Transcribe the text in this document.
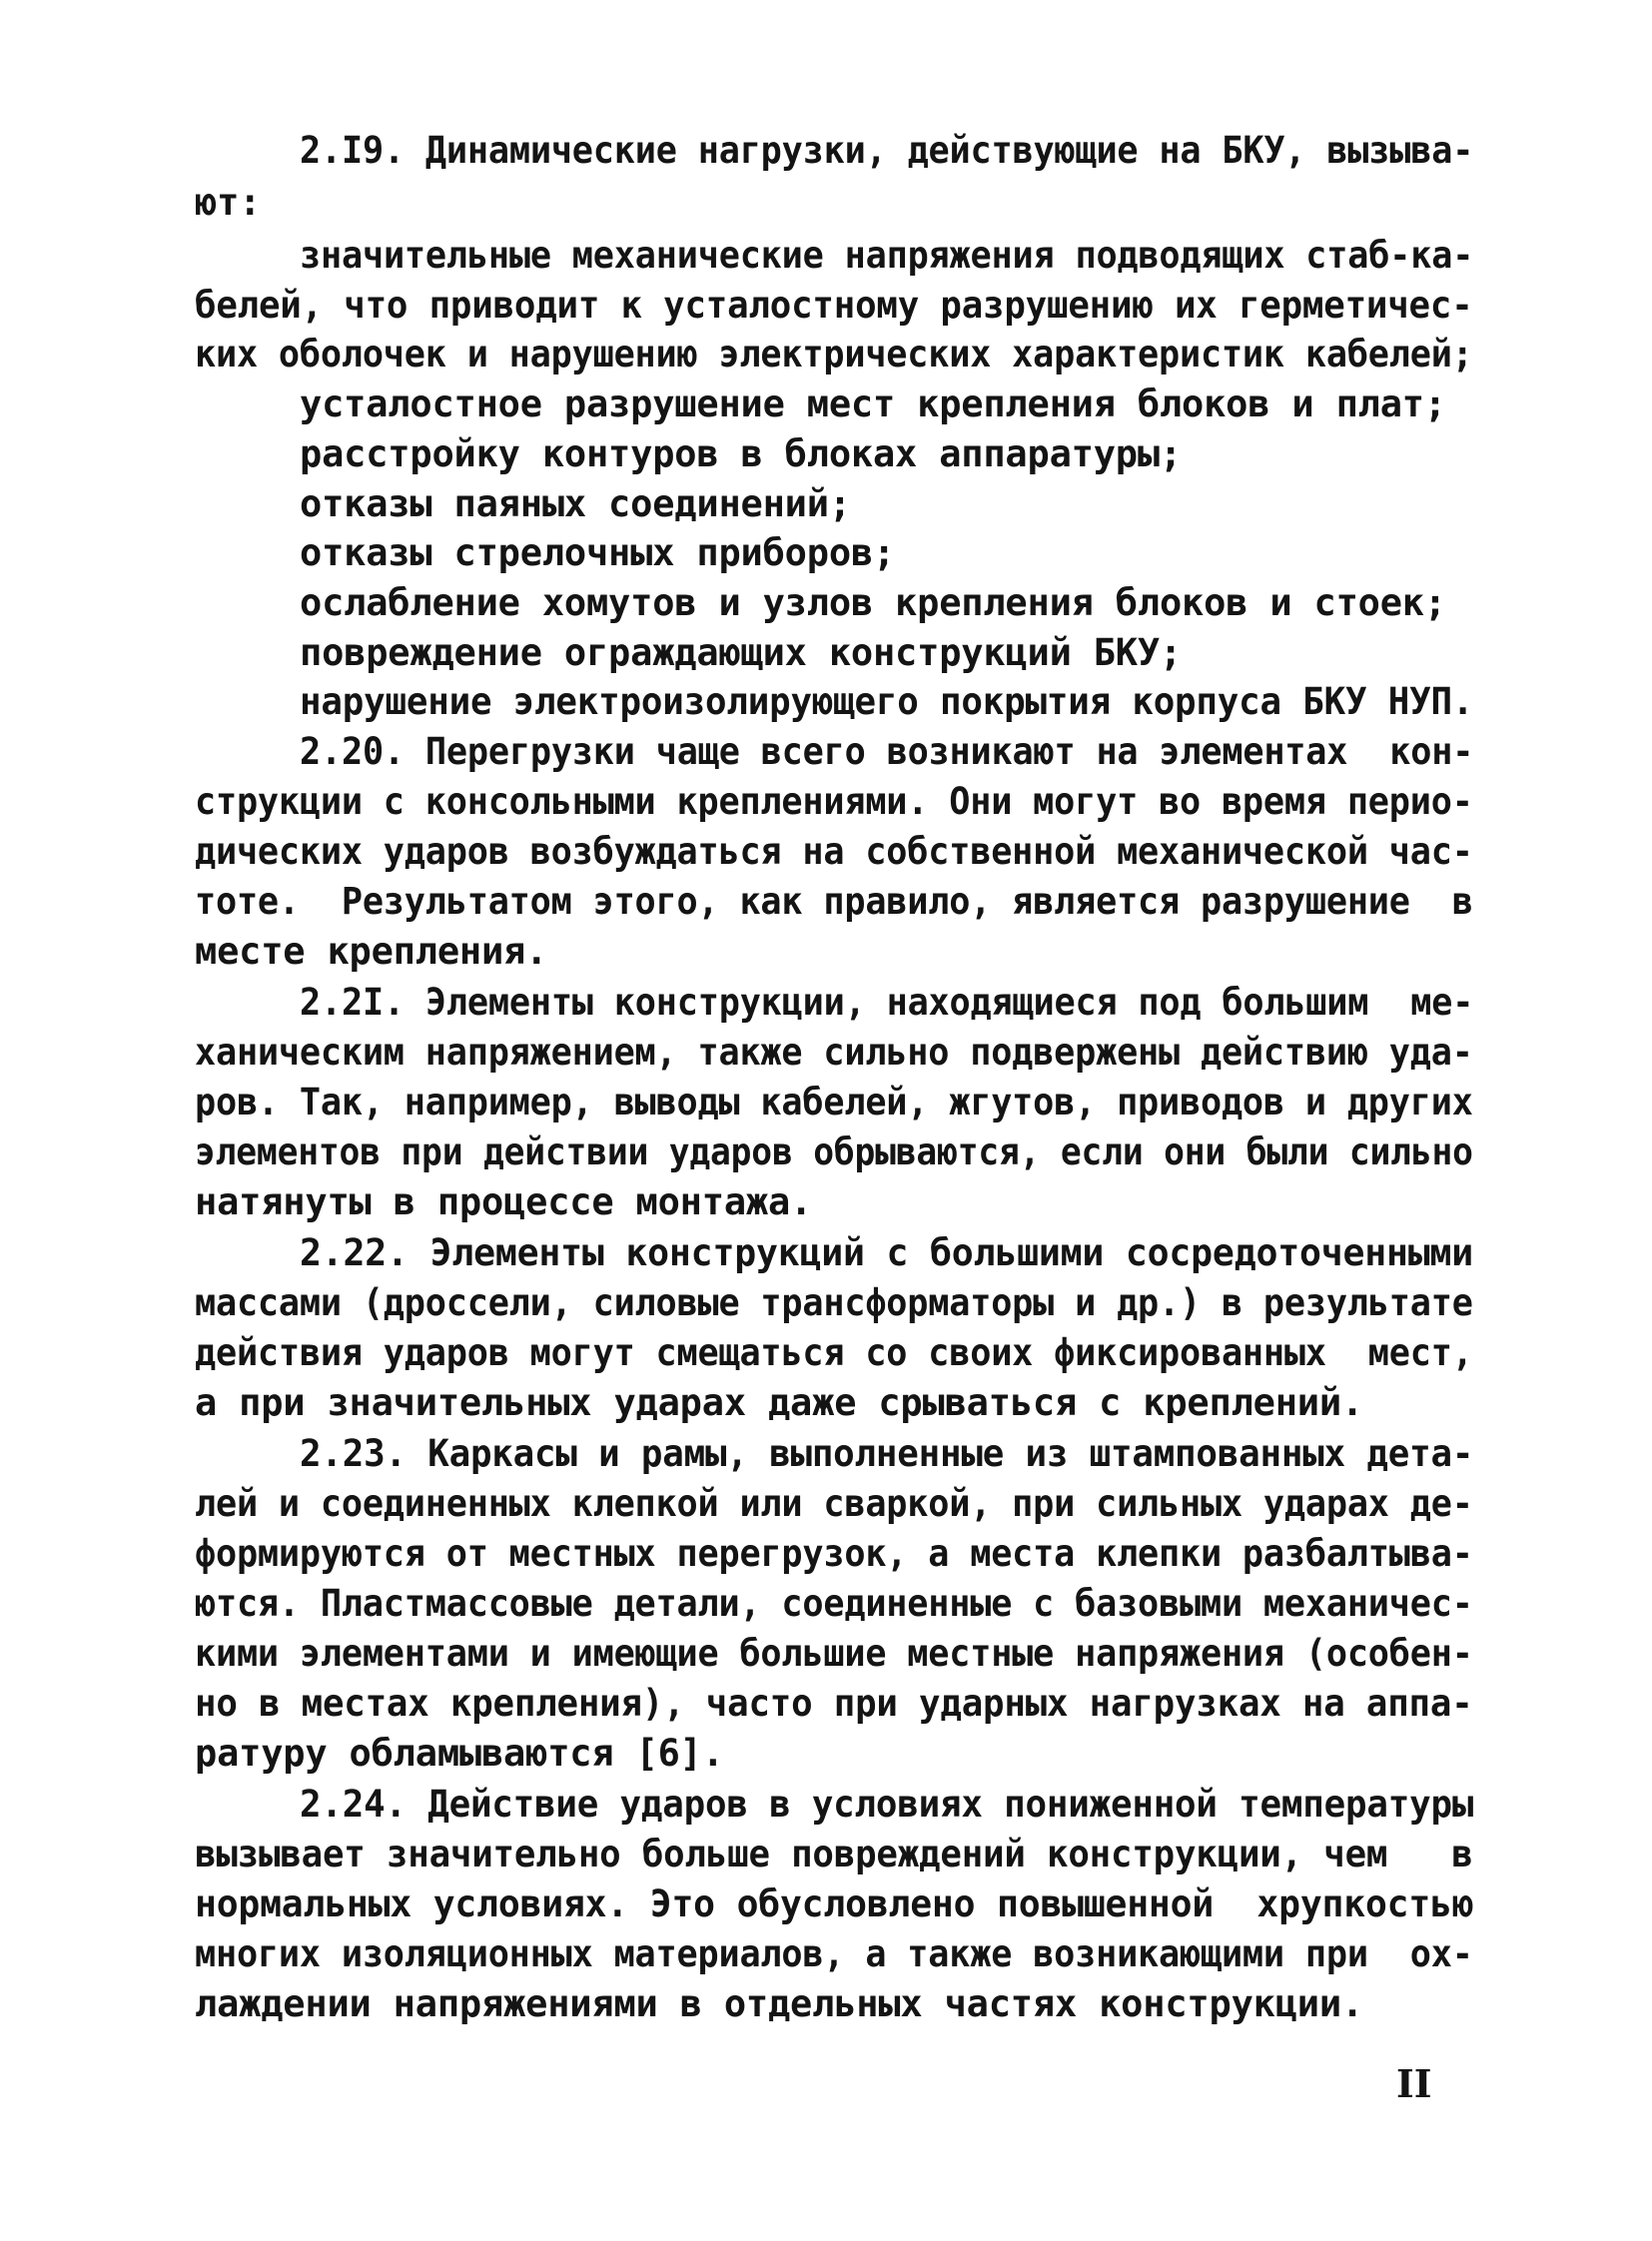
2.I9. Динамические нагрузки, действующие на БКУ, вызыва-
ют:
значительные механические напряжения подводящих стаб-ка-
белей, что приводит к усталостному разрушению их герметичес-
ких оболочек и нарушению электрических характеристик кабелей;
усталостное разрушение мест крепления блоков и плат;
расстройку контуров в блоках аппаратуры;
отказы паяных соединений;
отказы стрелочных приборов;
ослабление хомутов и узлов крепления блоков и стоек;
повреждение ограждающих конструкций БКУ;
нарушение электроизолирующего покрытия корпуса БКУ НУП.
2.20. Перегрузки чаще всего возникают на элементах  кон-
струкции с консольными креплениями. Они могут во время перио-
дических ударов возбуждаться на собственной механической час-
тоте.  Результатом этого, как правило, является разрушение  в
месте крепления.
2.2I. Элементы конструкции, находящиеся под большим  ме-
ханическим напряжением, также сильно подвержены действию уда-
ров. Так, например, выводы кабелей, жгутов, приводов и других
элементов при действии ударов обрываются, если они были сильно
натянуты в процессе монтажа.
2.22. Элементы конструкций с большими сосредоточенными
массами (дроссели, силовые трансформаторы и др.) в результате
действия ударов могут смещаться со своих фиксированных  мест,
а при значительных ударах даже срываться с креплений.
2.23. Каркасы и рамы, выполненные из штампованных дета-
лей и соединенных клепкой или сваркой, при сильных ударах де-
формируются от местных перегрузок, а места клепки разбалтыва-
ются. Пластмассовые детали, соединенные с базовыми механичес-
кими элементами и имеющие большие местные напряжения (особен-
но в местах крепления), часто при ударных нагрузках на аппа-
ратуру обламываются [6].
2.24. Действие ударов в условиях пониженной температуры
вызывает значительно больше повреждений конструкции, чем   в
нормальных условиях. Это обусловлено повышенной  хрупкостью
многих изоляционных материалов, а также возникающими при  ох-
лаждении напряжениями в отдельных частях конструкции.
II
